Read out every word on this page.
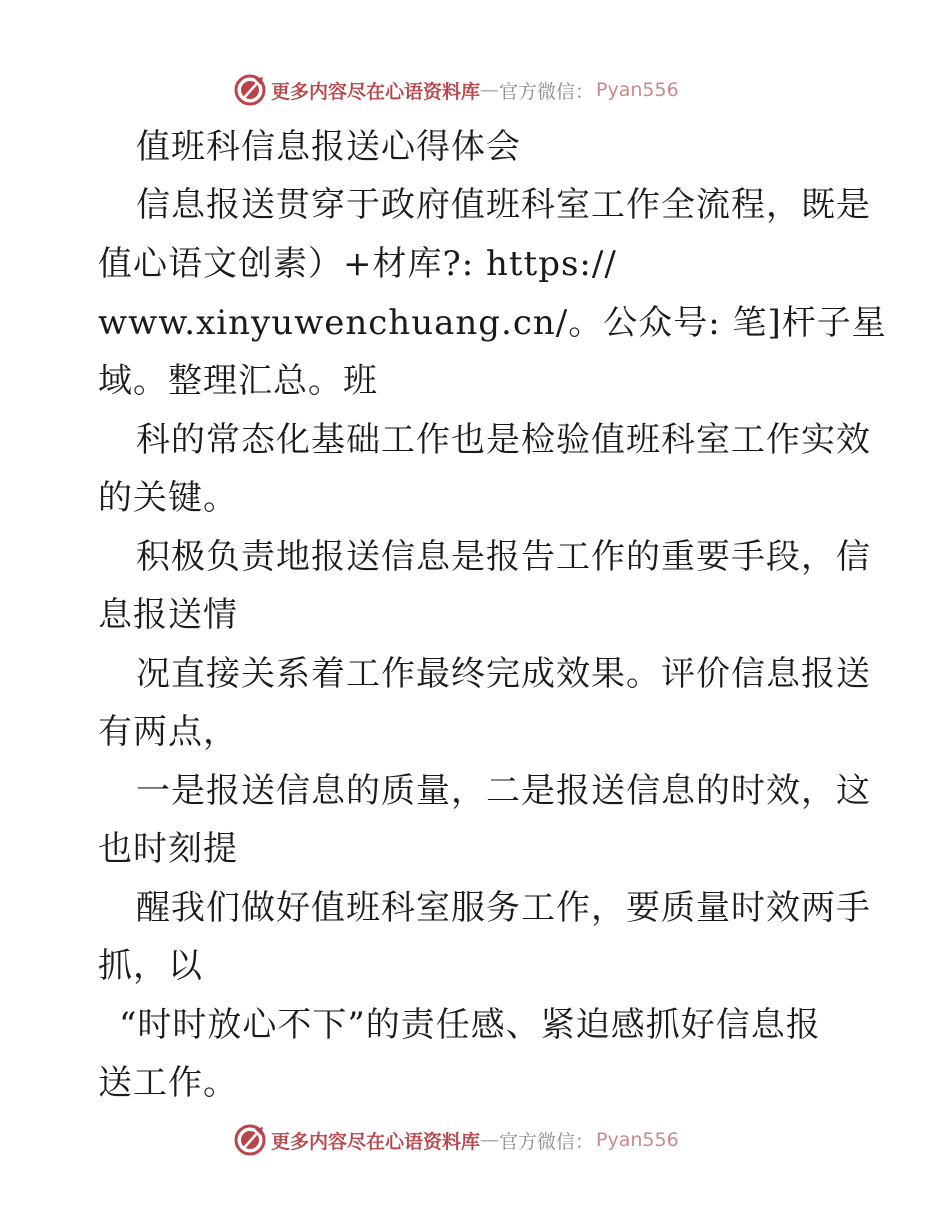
更多内容尽在心语资料库 — 官方微信： Pyan556
值班科信息报送心得体会
信息报送贯穿于政府值班科室工作全流程，既是
值心语文创素）+材库?: https://
www.xinyuwenchuang.cn/。公众号: 笔]杆子星
域。整理汇总。班
科的常态化基础工作也是检验值班科室工作实效
的关键。
积极负责地报送信息是报告工作的重要手段，信
息报送情
况直接关系着工作最终完成效果。评价信息报送
有两点，
一是报送信息的质量，二是报送信息的时效，这
也时刻提
醒我们做好值班科室服务工作，要质量时效两手
抓，以
“时时放心不下”的责任感、紧迫感抓好信息报
送工作。
更多内容尽在心语资料库 — 官方微信： Pyan556
